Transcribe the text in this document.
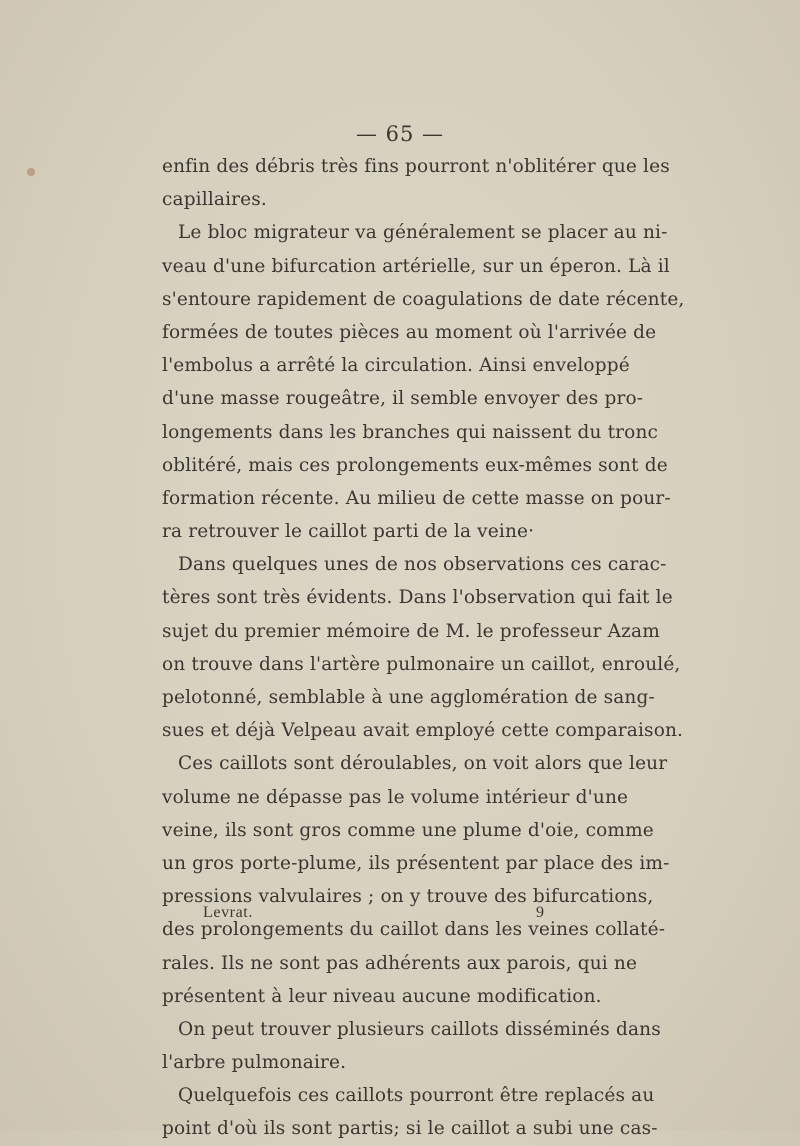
— 65 —
enfin des débris très fins pourront n'oblitérer que les
capillaires.
Le bloc migrateur va généralement se placer au ni-
veau d'une bifurcation artérielle, sur un éperon. Là il
s'entoure rapidement de coagulations de date récente,
formées de toutes pièces au moment où l'arrivée de
l'embolus a arrêté la circulation. Ainsi enveloppé
d'une masse rougeâtre, il semble envoyer des pro-
longements dans les branches qui naissent du tronc
oblitéré, mais ces prolongements eux-mêmes sont de
formation récente. Au milieu de cette masse on pour-
ra retrouver le caillot parti de la veine·
Dans quelques unes de nos observations ces carac-
tères sont très évidents. Dans l'observation qui fait le
sujet du premier mémoire de M. le professeur Azam
on trouve dans l'artère pulmonaire un caillot, enroulé,
pelotonné, semblable à une agglomération de sang-
sues et déjà Velpeau avait employé cette comparaison.
Ces caillots sont déroulables, on voit alors que leur
volume ne dépasse pas le volume intérieur d'une
veine, ils sont gros comme une plume d'oie, comme
un gros porte-plume, ils présentent par place des im-
pressions valvulaires ; on y trouve des bifurcations,
des prolongements du caillot dans les veines collaté-
rales. Ils ne sont pas adhérents aux parois, qui ne
présentent à leur niveau aucune modification.
On peut trouver plusieurs caillots disséminés dans
l'arbre pulmonaire.
Quelquefois ces caillots pourront être replacés au
point d'où ils sont partis; si le caillot a subi une cas-
Levrat.	9
